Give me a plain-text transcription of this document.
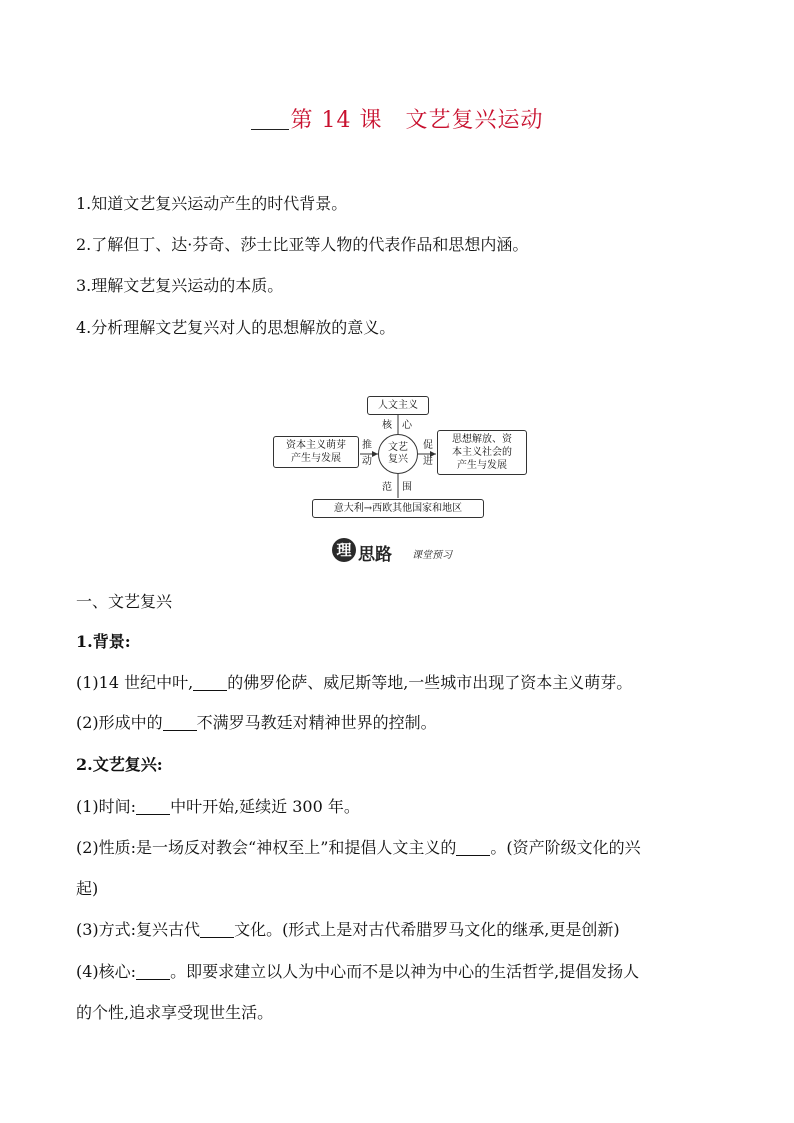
第 14 课　文艺复兴运动
1.知道文艺复兴运动产生的时代背景。
2.了解但丁、达·芬奇、莎士比亚等人物的代表作品和思想内涵。
3.理解文艺复兴运动的本质。
4.分析理解文艺复兴对人的思想解放的意义。
人文主义
核 心
资本主义萌芽
产生与发展
推
动
文艺
复兴
促
进
思想解放、资
本主义社会的
产生与发展
范 围
意大利→西欧其他国家和地区
理 思路 课堂预习
一、文艺复兴
1.背景:
(1)14 世纪中叶, 的佛罗伦萨、威尼斯等地,一些城市出现了资本主义萌芽。
(2)形成中的 不满罗马教廷对精神世界的控制。
2.文艺复兴:
(1)时间: 中叶开始,延续近 300 年。
(2)性质:是一场反对教会“神权至上”和提倡人文主义的 。(资产阶级文化的兴
起)
(3)方式:复兴古代 文化。(形式上是对古代希腊罗马文化的继承,更是创新)
(4)核心: 。即要求建立以人为中心而不是以神为中心的生活哲学,提倡发扬人
的个性,追求享受现世生活。
